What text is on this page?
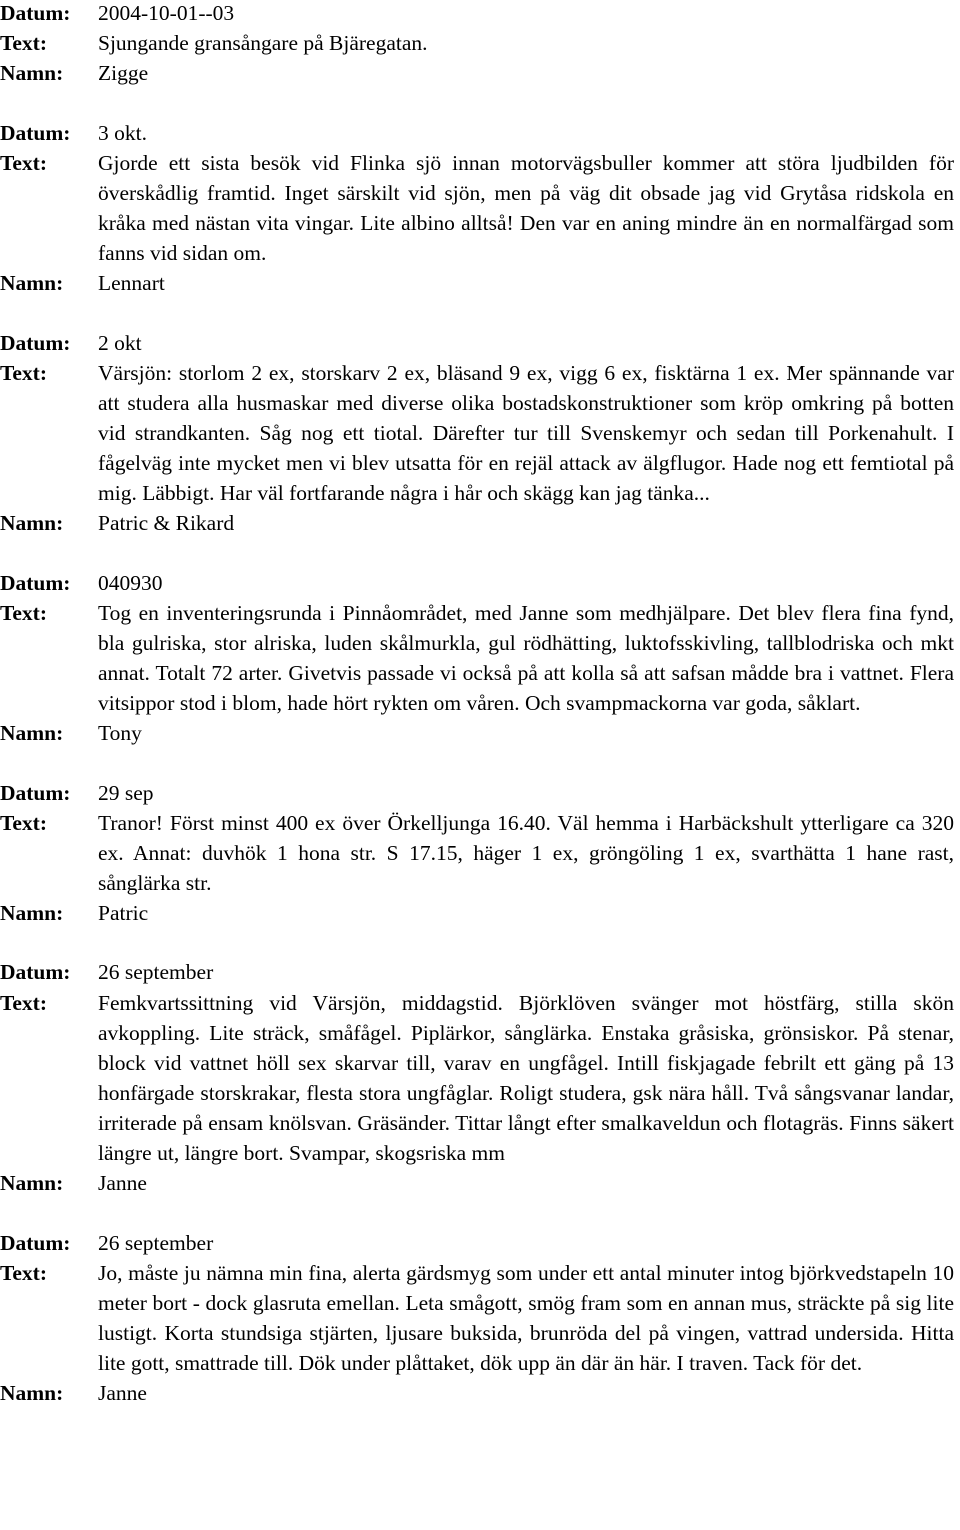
Datum:	2004-10-01--03
Text:	Sjungande gransångare på Bjäregatan.
Namn:	Zigge
Datum:	3 okt.
Text:	Gjorde ett sista besök vid Flinka sjö innan motorvägsbuller kommer att störa ljudbilden för överskådlig framtid. Inget särskilt vid sjön, men på väg dit obsade jag vid Grytåsa ridskola en kråka med nästan vita vingar. Lite albino alltså! Den var en aning mindre än en normalfärgad som fanns vid sidan om.
Namn:	Lennart
Datum:	2 okt
Text:	Värsjön: storlom 2 ex, storskarv 2 ex, bläsand 9 ex, vigg 6 ex, fisktärna 1 ex. Mer spännande var att studera alla husmaskar med diverse olika bostadskonstruktioner som kröp omkring på botten vid strandkanten. Såg nog ett tiotal. Därefter tur till Svenskemyr och sedan till Porkenahult. I fågelväg inte mycket men vi blev utsatta för en rejäl attack av älgflugor. Hade nog ett femtiotal på mig. Läbbigt. Har väl fortfarande några i hår och skägg kan jag tänka...
Namn:	Patric & Rikard
Datum:	040930
Text:	Tog en inventeringsrunda i Pinnåområdet, med Janne som medhjälpare. Det blev flera fina fynd, bla gulriska, stor alriska, luden skålmurkla, gul rödhätting, luktofsskivling, tallblodriska och mkt annat. Totalt 72 arter. Givetvis passade vi också på att kolla så att safsan mådde bra i vattnet. Flera vitsippor stod i blom, hade hört rykten om våren. Och svampmackorna var goda, såklart.
Namn:	Tony
Datum:	29 sep
Text:	Tranor! Först minst 400 ex över Örkelljunga 16.40. Väl hemma i Harbäckshult ytterligare ca 320 ex. Annat: duvhök 1 hona str. S 17.15, häger 1 ex, gröngöling 1 ex, svarthätta 1 hane rast, sånglärka str.
Namn:	Patric
Datum:	26 september
Text:	Femkvartssittning vid Värsjön, middagstid. Björklöven svänger mot höstfärg, stilla skön avkoppling. Lite sträck, småfågel. Piplärkor, sånglärka. Enstaka gråsiska, grönsiskor. På stenar, block vid vattnet höll sex skarvar till, varav en ungfågel. Intill fiskjagade febrilt ett gäng på 13 honfärgade storskrakar, flesta stora ungfåglar. Roligt studera, gsk nära håll. Två sångsvanar landar, irriterade på ensam knölsvan. Gräsänder. Tittar långt efter smalkaveldun och flotagräs. Finns säkert längre ut, längre bort. Svampar, skogsriska mm
Namn:	Janne
Datum:	26 september
Text:	Jo, måste ju nämna min fina, alerta gärdsmyg som under ett antal minuter intog björkvedstapeln 10 meter bort - dock glasruta emellan. Leta smågott, smög fram som en annan mus, sträckte på sig lite lustigt. Korta stundsiga stjärten, ljusare buksida, brunröda del på vingen, vattrad undersida. Hitta lite gott, smattrade till. Dök under plåttaket, dök upp än där än här. I traven. Tack för det.
Namn:	Janne
